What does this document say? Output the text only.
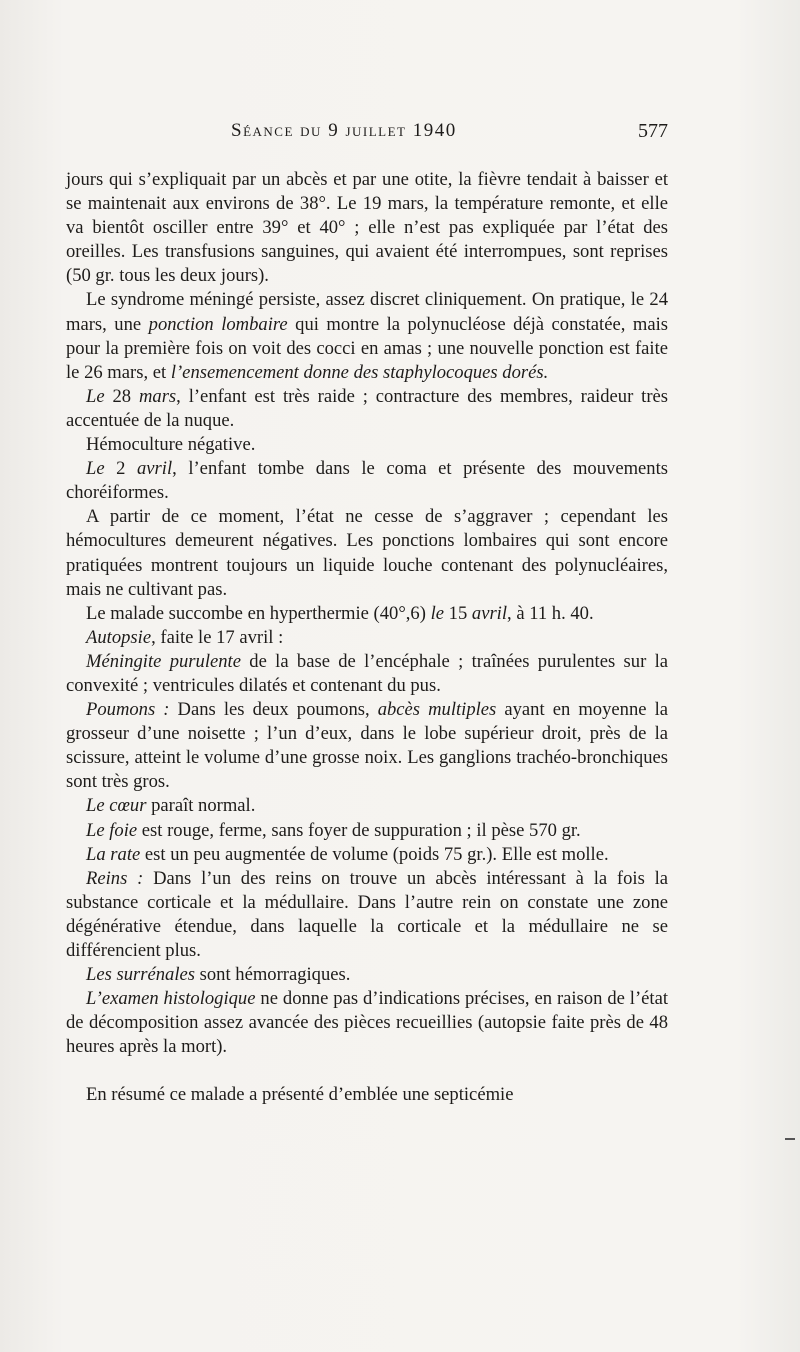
Séance du 9 juillet 1940	577

jours qui s’expliquait par un abcès et par une otite, la fièvre tendait à baisser et se maintenait aux environs de 38°. Le 19 mars, la température remonte, et elle va bientôt osciller entre 39° et 40° ; elle n’est pas expliquée par l’état des oreilles. Les transfusions sanguines, qui avaient été interrompues, sont reprises (50 gr. tous les deux jours).

Le syndrome méningé persiste, assez discret cliniquement. On pratique, le 24 mars, une ponction lombaire qui montre la polynucléose déjà constatée, mais pour la première fois on voit des cocci en amas ; une nouvelle ponction est faite le 26 mars, et l’ensemencement donne des staphylocoques dorés.

Le 28 mars, l’enfant est très raide ; contracture des membres, raideur très accentuée de la nuque.

Hémoculture négative.

Le 2 avril, l’enfant tombe dans le coma et présente des mouvements choréiformes.

A partir de ce moment, l’état ne cesse de s’aggraver ; cependant les hémocultures demeurent négatives. Les ponctions lombaires qui sont encore pratiquées montrent toujours un liquide louche contenant des polynucléaires, mais ne cultivant pas.

Le malade succombe en hyperthermie (40°,6) le 15 avril, à 11 h. 40.

Autopsie, faite le 17 avril :

Méningite purulente de la base de l’encéphale ; traînées purulentes sur la convexité ; ventricules dilatés et contenant du pus.

Poumons : Dans les deux poumons, abcès multiples ayant en moyenne la grosseur d’une noisette ; l’un d’eux, dans le lobe supérieur droit, près de la scissure, atteint le volume d’une grosse noix. Les ganglions trachéo-bronchiques sont très gros.

Le cœur paraît normal.

Le foie est rouge, ferme, sans foyer de suppuration ; il pèse 570 gr.

La rate est un peu augmentée de volume (poids 75 gr.). Elle est molle.

Reins : Dans l’un des reins on trouve un abcès intéressant à la fois la substance corticale et la médullaire. Dans l’autre rein on constate une zone dégénérative étendue, dans laquelle la corticale et la médullaire ne se différencient plus.

Les surrénales sont hémorragiques.

L’examen histologique ne donne pas d’indications précises, en raison de l’état de décomposition assez avancée des pièces recueillies (autopsie faite près de 48 heures après la mort).

En résumé ce malade a présenté d’emblée une septicémie
